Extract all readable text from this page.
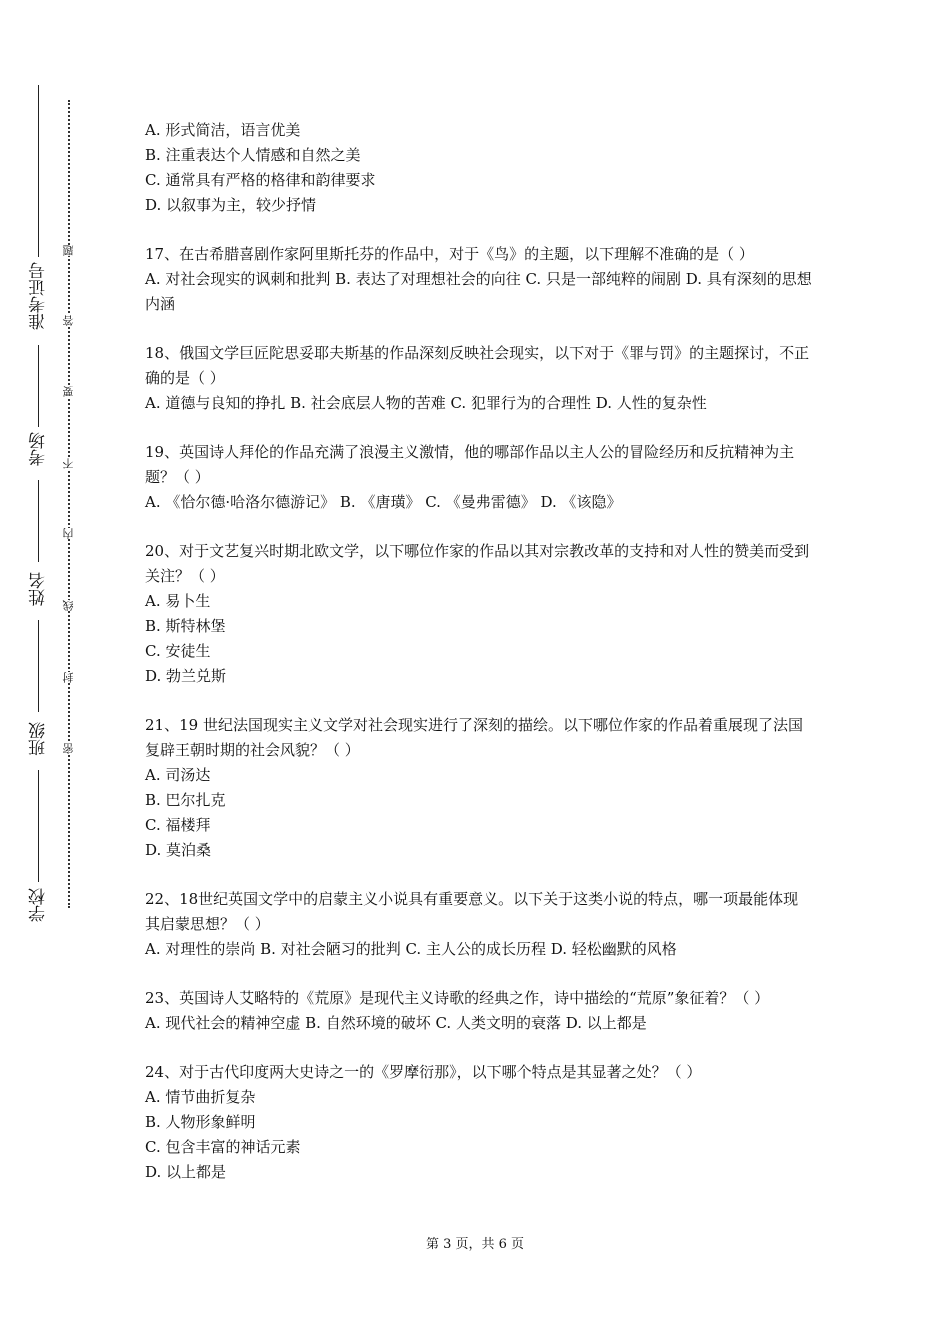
准考证号
考场
姓名
班级
学校
题
答
要
不
内
线
封
密

A. 形式简洁，语言优美

B. 注重表达个人情感和自然之美

C. 通常具有严格的格律和韵律要求

D. 以叙事为主，较少抒情

17、在古希腊喜剧作家阿里斯托芬的作品中，对于《鸟》的主题，以下理解不准确的是（ ）

A. 对社会现实的讽刺和批判 B. 表达了对理想社会的向往 C. 只是一部纯粹的闹剧 D. 具有深刻的思想内涵

18、俄国文学巨匠陀思妥耶夫斯基的作品深刻反映社会现实，以下对于《罪与罚》的主题探讨，不正确的是（ ）

A. 道德与良知的挣扎 B. 社会底层人物的苦难 C. 犯罪行为的合理性 D. 人性的复杂性

19、英国诗人拜伦的作品充满了浪漫主义激情，他的哪部作品以主人公的冒险经历和反抗精神为主题？（ ）

A. 《恰尔德·哈洛尔德游记》 B. 《唐璜》 C. 《曼弗雷德》 D. 《该隐》

20、对于文艺复兴时期北欧文学，以下哪位作家的作品以其对宗教改革的支持和对人性的赞美而受到关注？（ ）

A. 易卜生

B. 斯特林堡

C. 安徒生

D. 勃兰兑斯

21、19 世纪法国现实主义文学对社会现实进行了深刻的描绘。以下哪位作家的作品着重展现了法国复辟王朝时期的社会风貌？（ ）

A. 司汤达

B. 巴尔扎克

C. 福楼拜

D. 莫泊桑

22、18世纪英国文学中的启蒙主义小说具有重要意义。以下关于这类小说的特点，哪一项最能体现其启蒙思想？（ ）

A. 对理性的崇尚 B. 对社会陋习的批判 C. 主人公的成长历程 D. 轻松幽默的风格

23、英国诗人艾略特的《荒原》是现代主义诗歌的经典之作，诗中描绘的“荒原”象征着？（ ）

A. 现代社会的精神空虚 B. 自然环境的破坏 C. 人类文明的衰落 D. 以上都是

24、对于古代印度两大史诗之一的《罗摩衍那》，以下哪个特点是其显著之处？（ ）

A. 情节曲折复杂

B. 人物形象鲜明

C. 包含丰富的神话元素

D. 以上都是

第 3 页，共 6 页
